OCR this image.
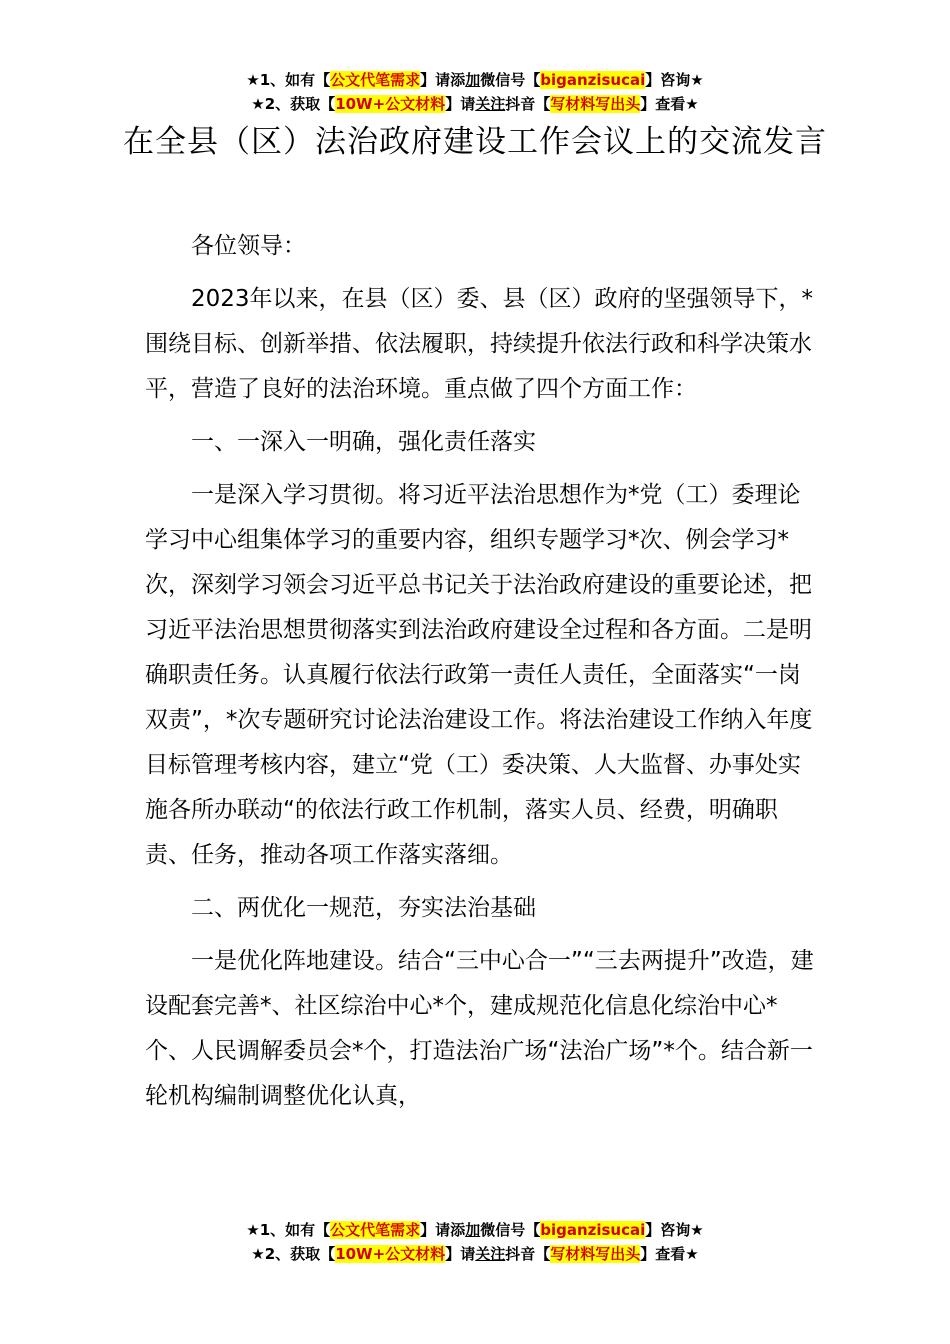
★1、如有【公文代笔需求】请添加微信号【biganzisucai】咨询★
★2、获取【10W+公文材料】请关注抖音【写材料写出头】查看★
在全县（区）法治政府建设工作会议上的交流发言

各位领导：

2023年以来，在县（区）委、县（区）政府的坚强领导下，*围绕目标、创新举措、依法履职，持续提升依法行政和科学决策水平，营造了良好的法治环境。重点做了四个方面工作：

一、一深入一明确，强化责任落实

一是深入学习贯彻。将习近平法治思想作为*党（工）委理论学习中心组集体学习的重要内容，组织专题学习*次、例会学习*次，深刻学习领会习近平总书记关于法治政府建设的重要论述，把习近平法治思想贯彻落实到法治政府建设全过程和各方面。二是明确职责任务。认真履行依法行政第一责任人责任，全面落实“一岗双责”，*次专题研究讨论法治建设工作。将法治建设工作纳入年度目标管理考核内容，建立“党（工）委决策、人大监督、办事处实施各所办联动“的依法行政工作机制，落实人员、经费，明确职责、任务，推动各项工作落实落细。

二、两优化一规范，夯实法治基础

一是优化阵地建设。结合“三中心合一”“三去两提升”改造，建设配套完善*、社区综治中心*个，建成规范化信息化综治中心*个、人民调解委员会*个，打造法治广场“法治广场”*个。结合新一轮机构编制调整优化认真，

★1、如有【公文代笔需求】请添加微信号【biganzisucai】咨询★
★2、获取【10W+公文材料】请关注抖音【写材料写出头】查看★
